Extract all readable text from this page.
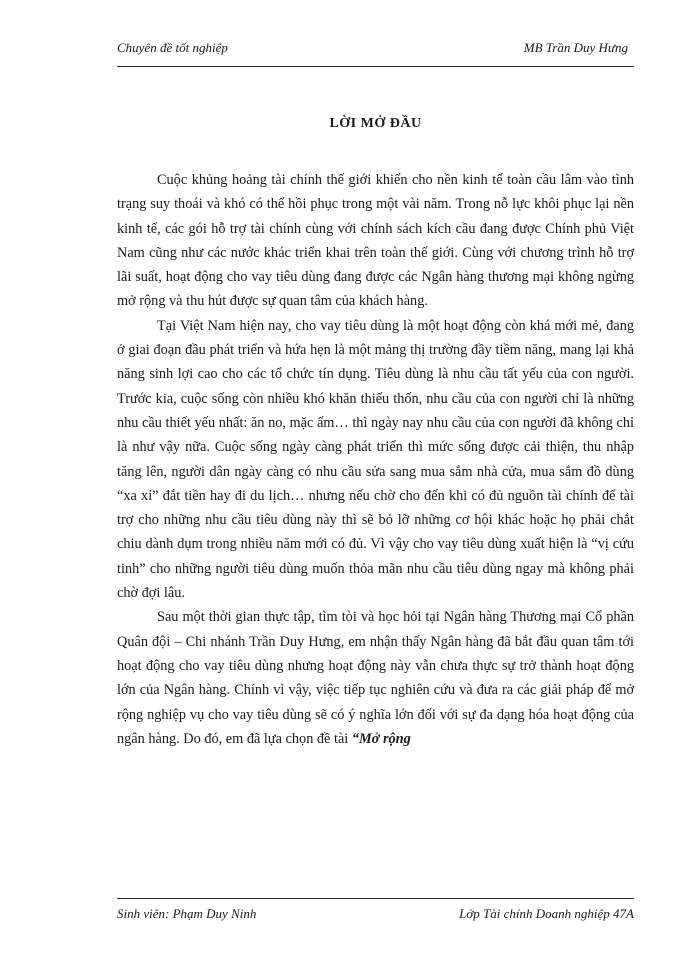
Chuyên đề tốt nghiệp	MB Trần Duy Hưng
LỜI MỞ ĐẦU

Cuộc khủng hoảng tài chính thế giới khiến cho nền kinh tế toàn cầu lâm vào tình trạng suy thoái và khó có thể hồi phục trong một vài năm. Trong nỗ lực khôi phục lại nền kinh tế, các gói hỗ trợ tài chính cùng với chính sách kích cầu đang được Chính phủ Việt Nam cũng như các nước khác triển khai trên toàn thế giới. Cùng với chương trình hỗ trợ lãi suất, hoạt động cho vay tiêu dùng đang được các Ngân hàng thương mại không ngừng mở rộng và thu hút được sự quan tâm của khách hàng.

Tại Việt Nam hiện nay, cho vay tiêu dùng là một hoạt động còn khá mới mẻ, đang ở giai đoạn đầu phát triển và hứa hẹn là một mảng thị trường đầy tiềm năng, mang lại khả năng sinh lợi cao cho các tổ chức tín dụng. Tiêu dùng là nhu cầu tất yếu của con người. Trước kia, cuộc sống còn nhiều khó khăn thiếu thốn, nhu cầu của con người chỉ là những nhu cầu thiết yếu nhất: ăn no, mặc ấm… thì ngày nay nhu cầu của con người đã không chỉ là như vậy nữa. Cuộc sống ngày càng phát triển thì mức sống được cải thiện, thu nhập tăng lên, người dân ngày càng có nhu cầu sửa sang mua sắm nhà cửa, mua sắm đồ dùng “xa xỉ” đắt tiền hay đi du lịch… nhưng nếu chờ cho đến khi có đủ nguồn tài chính để tài trợ cho những nhu cầu tiêu dùng này thì sẽ bỏ lỡ những cơ hội khác hoặc họ phải chắt chiu dành dụm trong nhiều năm mới có đủ. Vì vậy cho vay tiêu dùng xuất hiện là “vị cứu tinh” cho những người tiêu dùng muốn thỏa mãn nhu cầu tiêu dùng ngay mà không phải chờ đợi lâu.

Sau một thời gian thực tập, tìm tòi và học hỏi tại Ngân hàng Thương mại Cổ phần Quân đội – Chi nhánh Trần Duy Hưng, em nhận thấy Ngân hàng đã bắt đầu quan tâm tới hoạt động cho vay tiêu dùng nhưng hoạt động này vẫn chưa thực sự trở thành hoạt động lớn của Ngân hàng. Chính vì vậy, việc tiếp tục nghiên cứu và đưa ra các giải pháp để mở rộng nghiệp vụ cho vay tiêu dùng sẽ có ý nghĩa lớn đối với sự đa dạng hóa hoạt động của ngân hàng. Do đó, em đã lựa chọn đề tài “Mở rộng

Sinh viên: Phạm Duy Ninh	Lớp Tài chính Doanh nghiệp 47A
